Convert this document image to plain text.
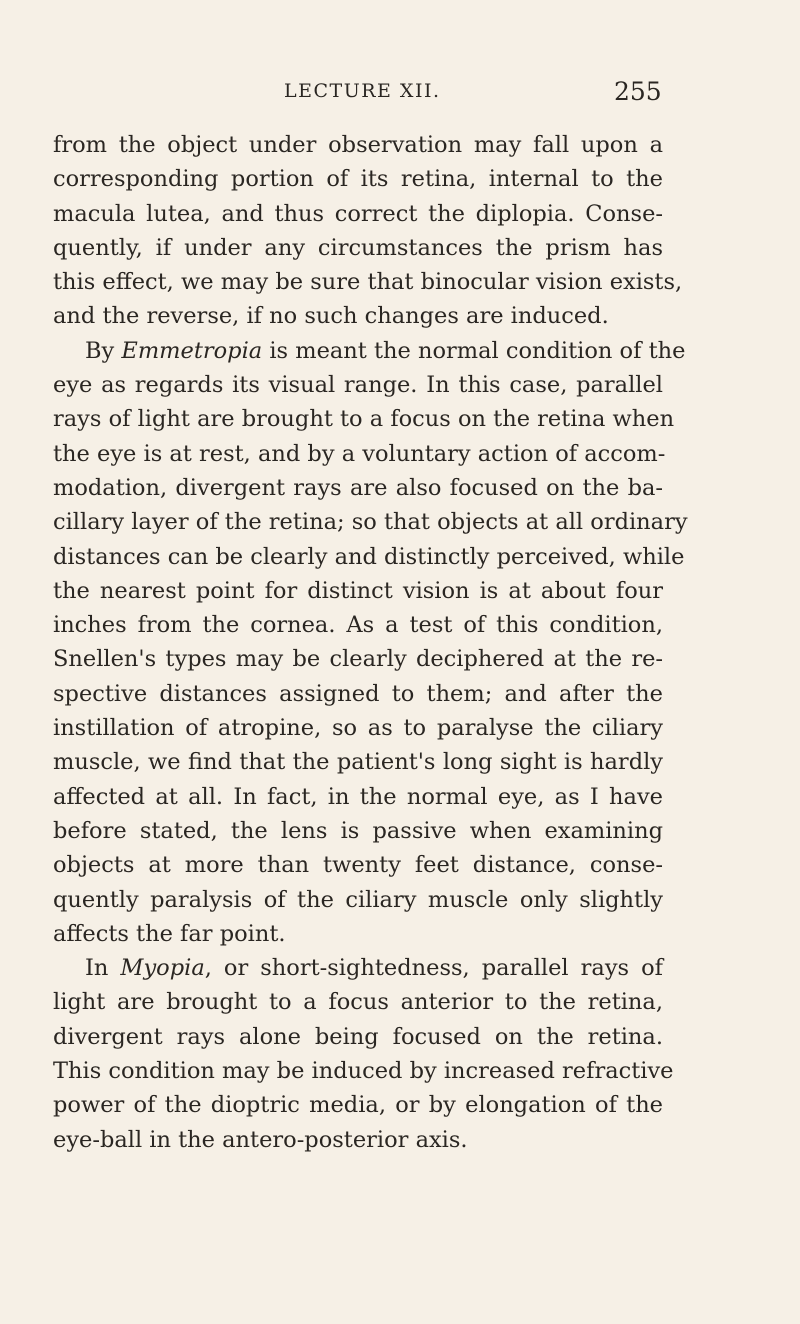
LECTURE XII.	255
from the object under observation may fall upon a
corresponding portion of its retina, internal to the
macula lutea, and thus correct the diplopia. Conse-
quently, if under any circumstances the prism has
this effect, we may be sure that binocular vision exists,
and the reverse, if no such changes are induced.
By Emmetropia is meant the normal condition of the
eye as regards its visual range. In this case, parallel
rays of light are brought to a focus on the retina when
the eye is at rest, and by a voluntary action of accom-
modation, divergent rays are also focused on the ba-
cillary layer of the retina; so that objects at all ordinary
distances can be clearly and distinctly perceived, while
the nearest point for distinct vision is at about four
inches from the cornea. As a test of this condition,
Snellen's types may be clearly deciphered at the re-
spective distances assigned to them; and after the
instillation of atropine, so as to paralyse the ciliary
muscle, we find that the patient's long sight is hardly
affected at all. In fact, in the normal eye, as I have
before stated, the lens is passive when examining
objects at more than twenty feet distance, conse-
quently paralysis of the ciliary muscle only slightly
affects the far point.
In Myopia, or short-sightedness, parallel rays of
light are brought to a focus anterior to the retina,
divergent rays alone being focused on the retina.
This condition may be induced by increased refractive
power of the dioptric media, or by elongation of the
eye-ball in the antero-posterior axis.
